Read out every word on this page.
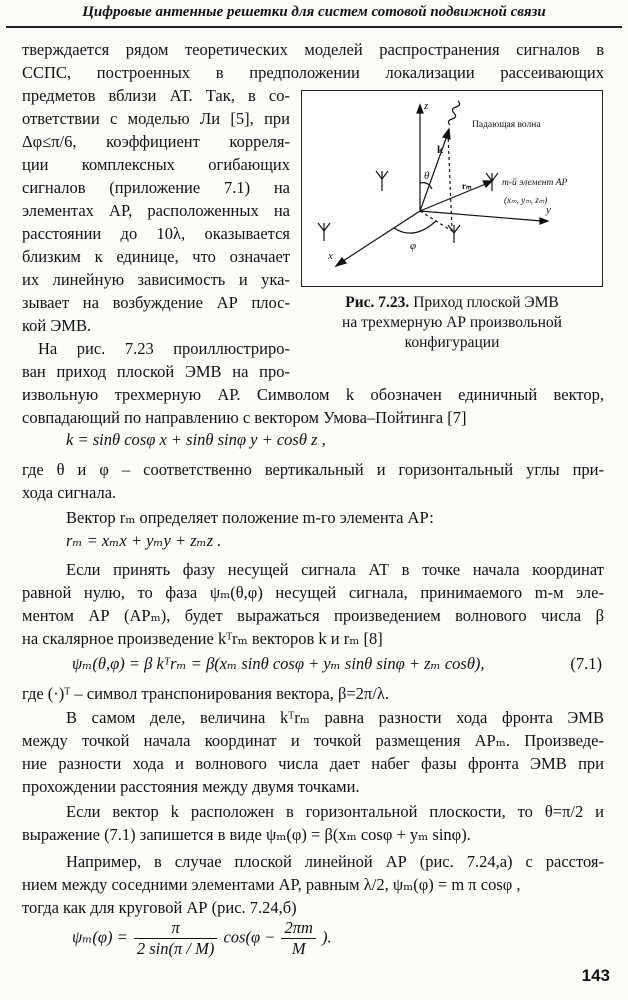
Цифровые антенные решетки для систем сотовой подвижной связи
тверждается рядом теоретических моделей распространения сигналов в
ССПС, построенных в предположении локализации рассеивающих
предметов вблизи АТ. Так, в со-
ответствии с моделью Ли [5], при
Δφ≤π/6, коэффициент корреля-
ции комплексных огибающих
сигналов (приложение 7.1) на
элементах АР, расположенных на
расстоянии до 10λ, оказывается
близким к единице, что означает
их линейную зависимость и ука-
зывает на возбуждение АР плос-
кой ЭМВ.
На рис. 7.23 проиллюстриро-
ван приход плоской ЭМВ на про-
извольную трехмерную АР. Символом k обозначен единичный вектор,
совпадающий по направлению с вектором Умова–Пойтинга [7]
k = sinθ cosφ x + sinθ sinφ y + cosθ z ,
где θ и φ – соответственно вертикальный и горизонтальный углы при-
хода сигнала.
Вектор rₘ определяет положение m-го элемента АР:
rₘ = xₘx + yₘy + zₘz .
Если принять фазу несущей сигнала АТ в точке начала координат
равной нулю, то фаза ψₘ(θ,φ) несущей сигнала, принимаемого m-м эле-
ментом АР (АРₘ), будет выражаться произведением волнового числа β
на скалярное произведение kᵀrₘ векторов k и rₘ [8]
ψₘ(θ,φ) = β kᵀrₘ = β(xₘ sinθ cosφ + yₘ sinθ sinφ + zₘ cosθ),	(7.1)
где (·)ᵀ – символ транспонирования вектора, β=2π/λ.
В самом деле, величина kᵀrₘ равна разности хода фронта ЭМВ
между точкой начала координат и точкой размещения АРₘ. Произведе-
ние разности хода и волнового числа дает набег фазы фронта ЭМВ при
прохождении расстояния между двумя точками.
Если вектор k расположен в горизонтальной плоскости, то θ=π/2 и
выражение (7.1) запишется в виде ψₘ(φ) = β(xₘ cosφ + yₘ sinφ).
Например, в случае плоской линейной АР (рис. 7.24,а) с расстоя-
нием между соседними элементами АР, равным λ/2, ψₘ(φ) = m π cosφ ,
тогда как для круговой АР (рис. 7.24,б)
$\psi_m(\varphi) = \frac{\pi}{2 \sin(\pi / M)} \cos(\varphi - \frac{2\pi m}{M}$ ).
143
z
y
x
k
θ
φ
rₘ
Падающая волна
m-й элемент АР
(xₘ, yₘ, zₘ)
Рис. 7.23. Приход плоской ЭМВ
на трехмерную АР произвольной
конфигурации
